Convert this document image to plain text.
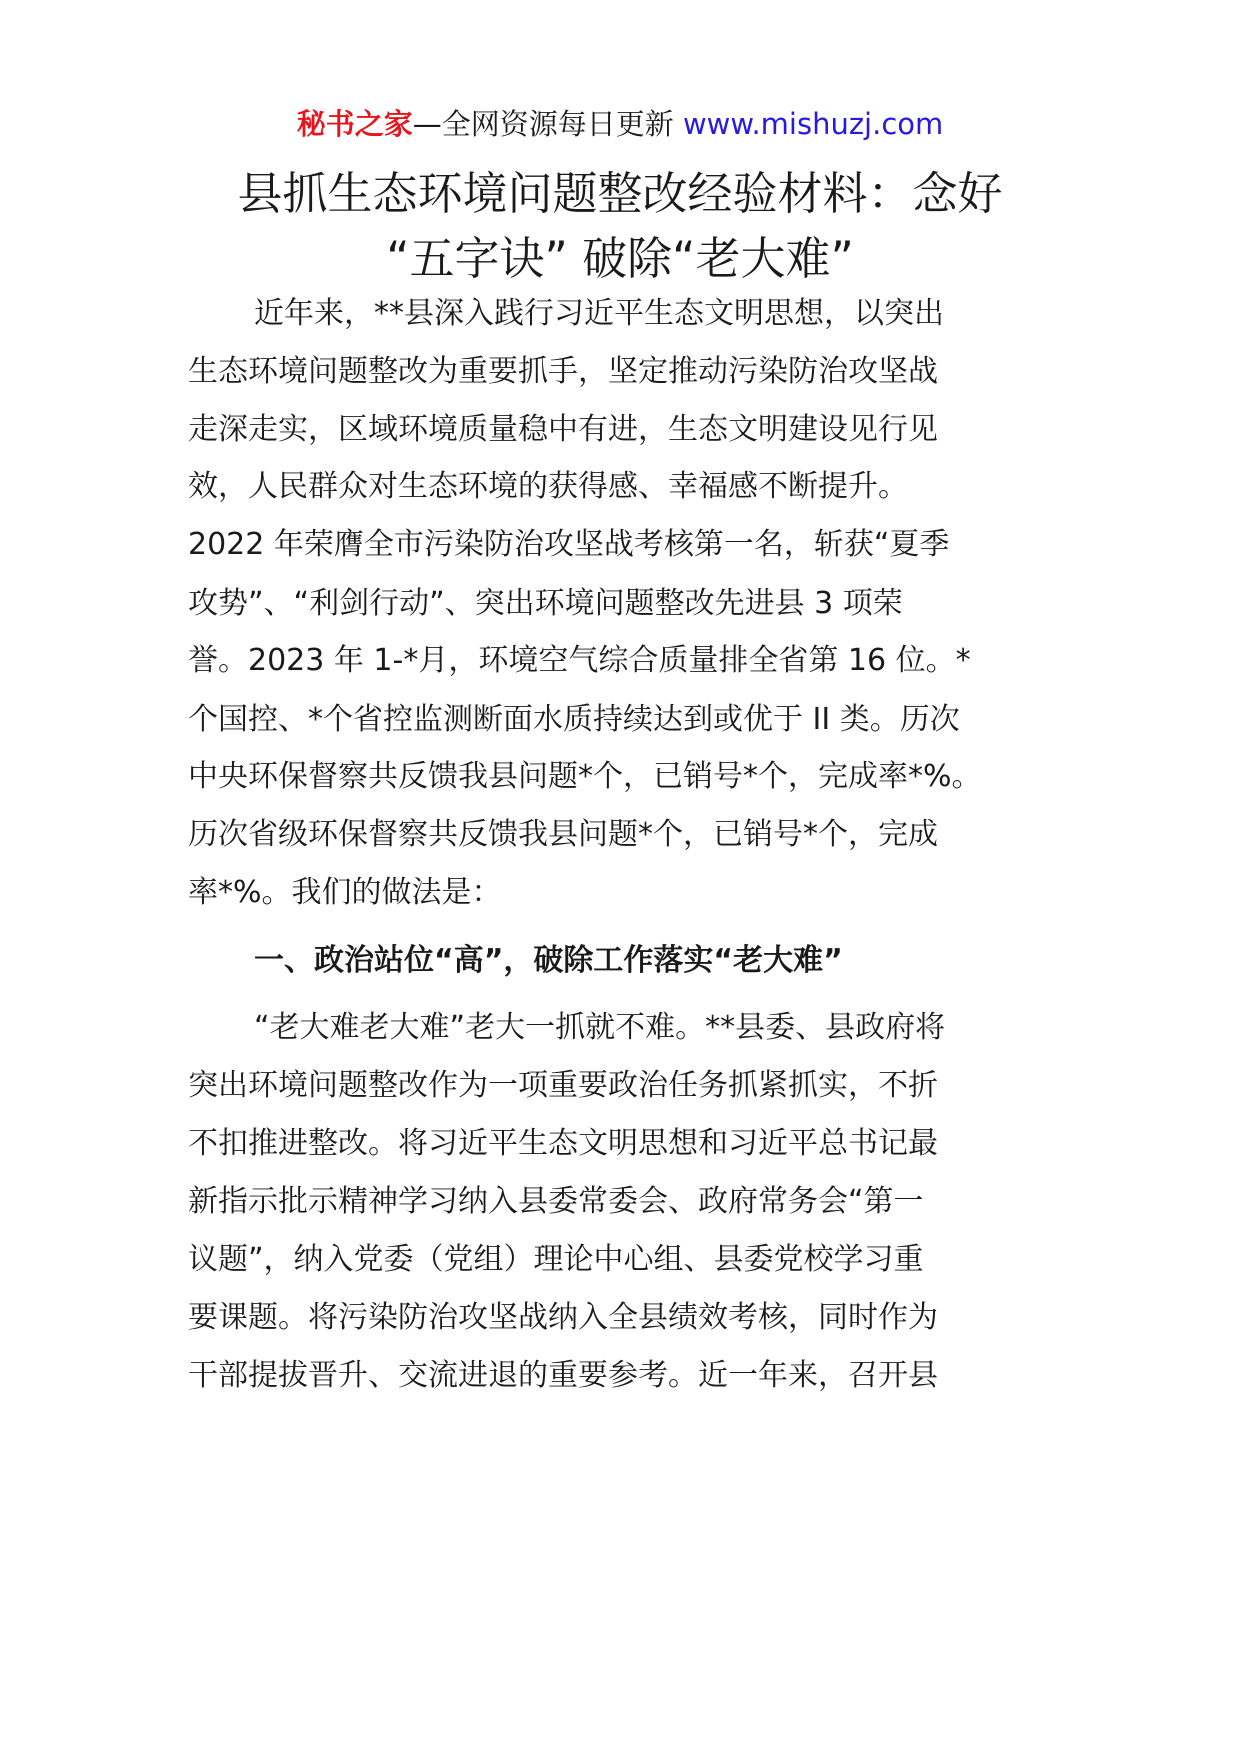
秘书之家—全网资源每日更新 www.mishuzj.com
县抓生态环境问题整改经验材料：念好
“五字诀” 破除“老大难”
近年来，**县深入践行习近平生态文明思想，以突出
生态环境问题整改为重要抓手，坚定推动污染防治攻坚战
走深走实，区域环境质量稳中有进，生态文明建设见行见
效，人民群众对生态环境的获得感、幸福感不断提升。
2022 年荣膺全市污染防治攻坚战考核第一名，斩获“夏季
攻势”、“利剑行动”、突出环境问题整改先进县 3 项荣
誉。2023 年 1-*月，环境空气综合质量排全省第 16 位。*
个国控、*个省控监测断面水质持续达到或优于 II 类。历次
中央环保督察共反馈我县问题*个，已销号*个，完成率*%。
历次省级环保督察共反馈我县问题*个，已销号*个，完成
率*%。我们的做法是：
一、政治站位“高”，破除工作落实“老大难”
“老大难老大难”老大一抓就不难。**县委、县政府将
突出环境问题整改作为一项重要政治任务抓紧抓实，不折
不扣推进整改。将习近平生态文明思想和习近平总书记最
新指示批示精神学习纳入县委常委会、政府常务会“第一
议题”，纳入党委（党组）理论中心组、县委党校学习重
要课题。将污染防治攻坚战纳入全县绩效考核，同时作为
干部提拔晋升、交流进退的重要参考。近一年来，召开县
